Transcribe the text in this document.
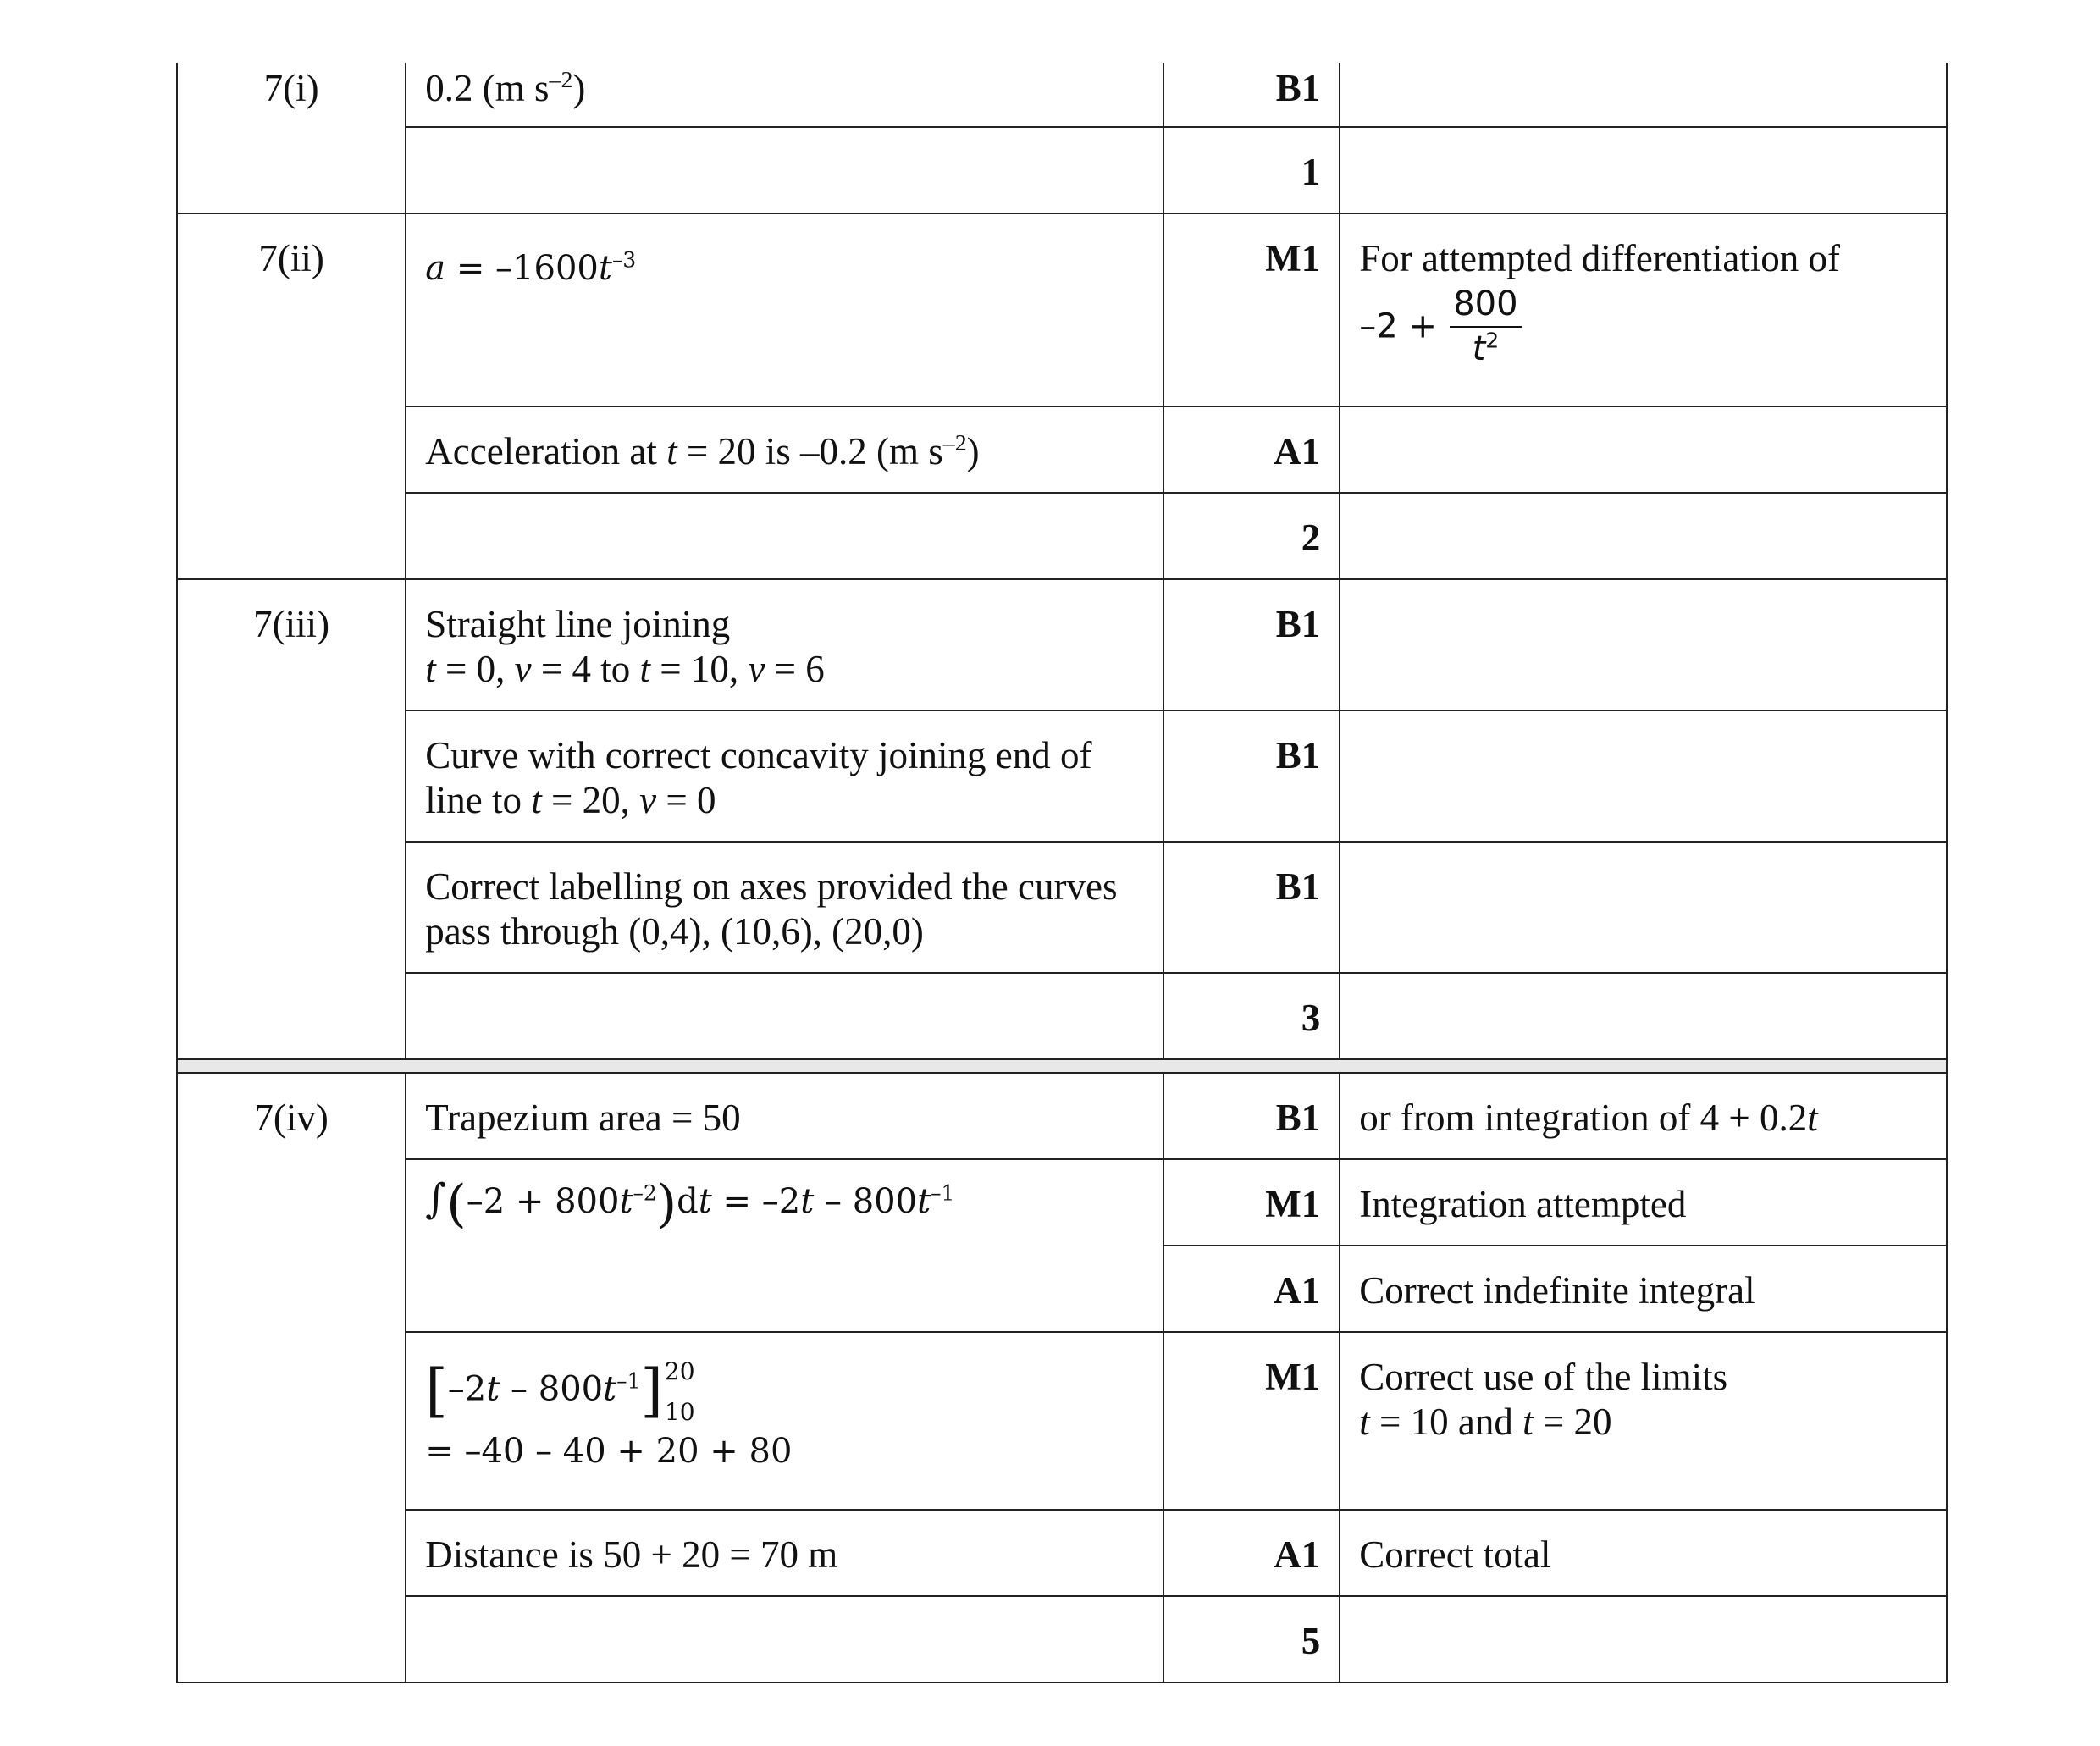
7(i)	0.2 (m $s^{-2}$)	B1	
		1	
7(ii)	$a = -1600t^{-3}$	M1	For attempted differentiation of
$-2 + \frac{800}{t^2}$

	Acceleration at t = 20 is –0.2 (m $s^{-2}$)	A1	
		2	
7(iii)	Straight line joining
t = 0, v = 4 to t = 10, v = 6	B1	

	Curve with correct concavity joining end of
line to t = 20, v = 0	B1	

	Correct labelling on axes provided the curves
pass through (0,4), (10,6), (20,0)	B1	
		3	

7(iv)	Trapezium area = 50	B1	or from integration of 4 + 0.2t
	$\int(-2 + 800t^{-2})dt = -2t - 800t^{-1}$	M1	Integration attempted
		A1	Correct indefinite integral

	$[-2t - 800t^{-1}]$ 20
10
= –40 – 40 + 20 + 80	M1	Correct use of the limits
t = 10 and t = 20

	Distance is 50 + 20 = 70 m	A1	Correct total
		5	
